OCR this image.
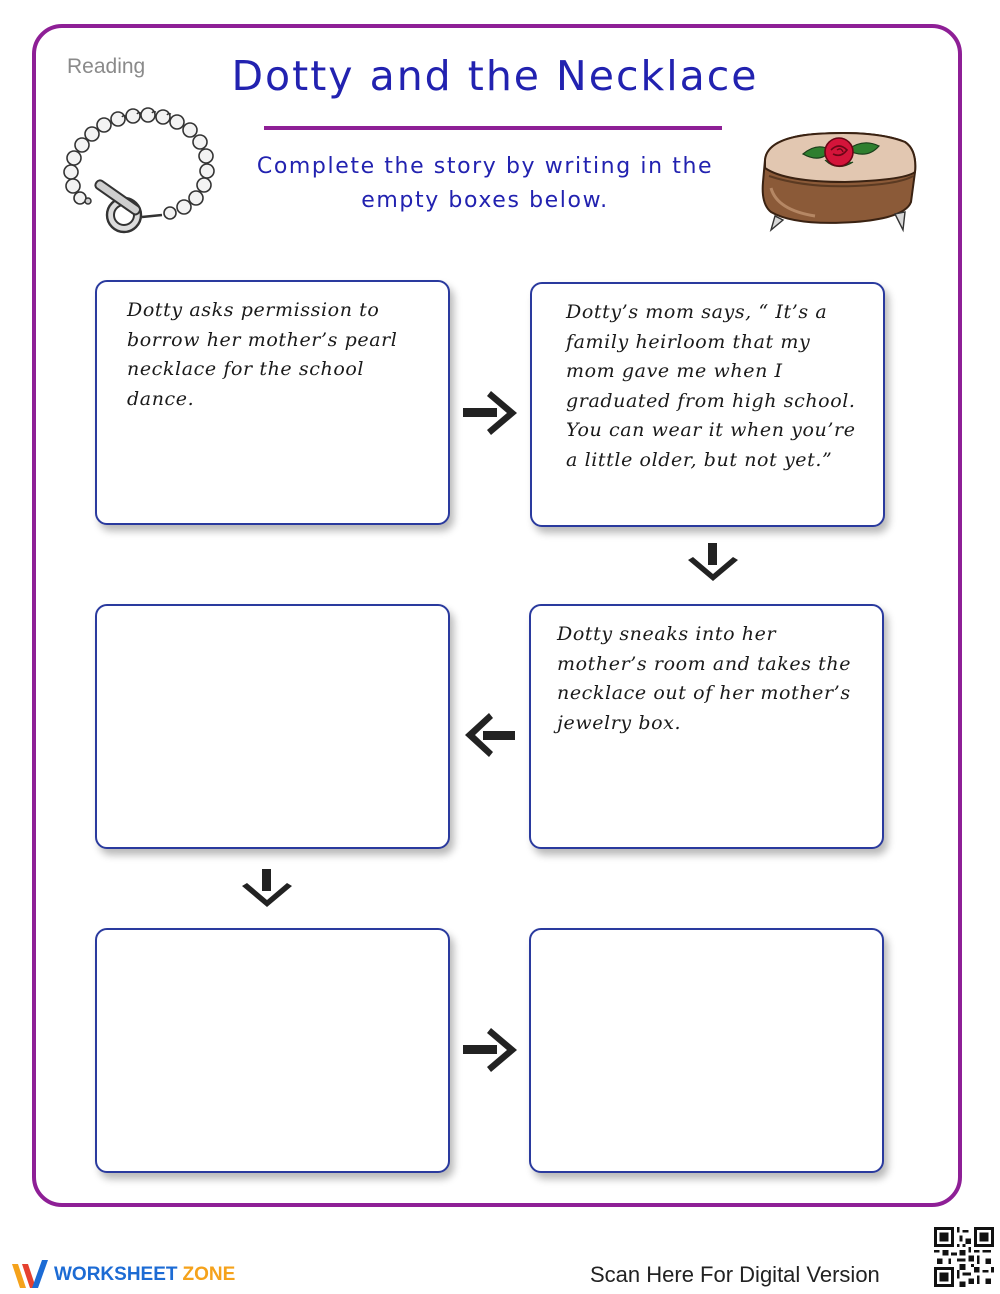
Reading	Dotty and the Necklace
Complete the story by writing in the empty boxes below.
Dotty asks permission to borrow her mother’s pearl necklace for the school dance.
Dotty’s mom says, “ It’s a family heirloom that my mom gave me when I graduated from high school. You can wear it when you’re a little older, but not yet.”
Dotty sneaks into her mother’s room and takes the necklace out of her mother’s jewelry box.
WORKSHEET ZONE	Scan Here For Digital Version
